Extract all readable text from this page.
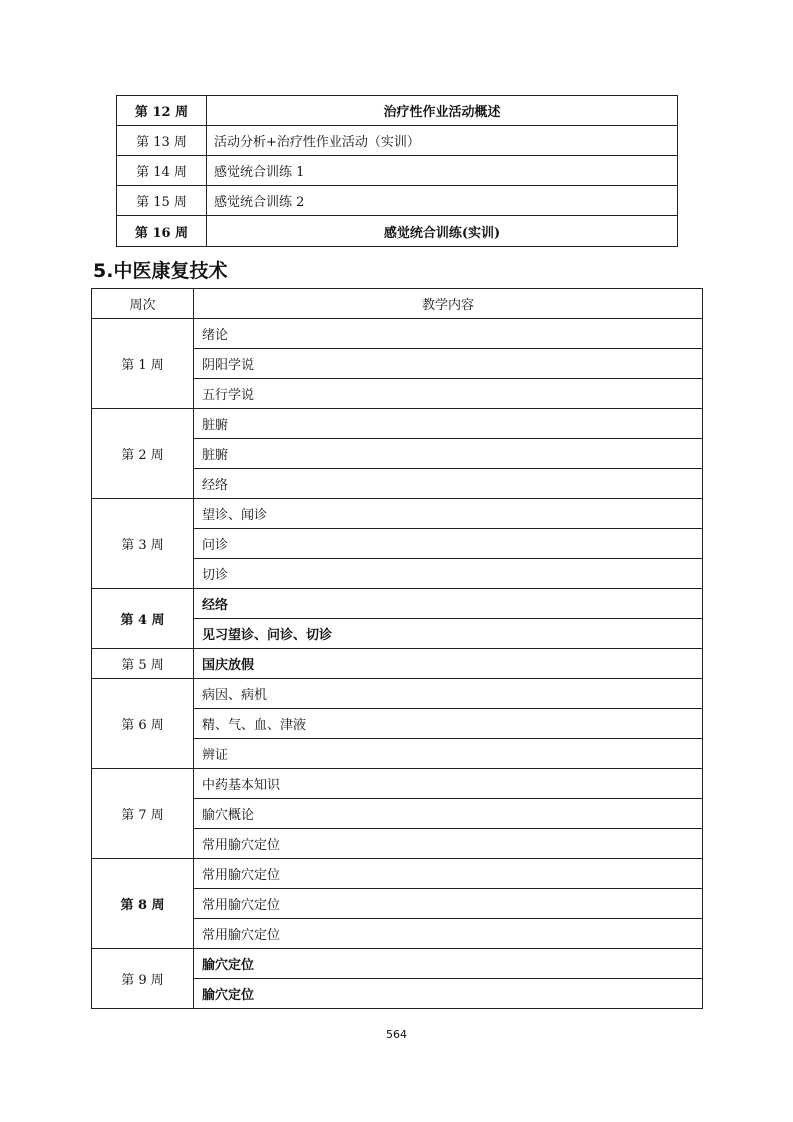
第 12 周	治疗性作业活动概述
第 13 周	活动分析+治疗性作业活动（实训）
第 14 周	感觉统合训练 1
第 15 周	感觉统合训练 2
第 16 周	感觉统合训练(实训)
5.中医康复技术
周次	教学内容
第 1 周	绪论
	阴阳学说
	五行学说
第 2 周	脏腑
	脏腑
	经络
第 3 周	望诊、闻诊
	问诊
	切诊
第 4 周	经络
	见习望诊、问诊、切诊
第 5 周	国庆放假
第 6 周	病因、病机
	精、气、血、津液
	辨证
第 7 周	中药基本知识
	腧穴概论
	常用腧穴定位
第 8 周	常用腧穴定位
	常用腧穴定位
	常用腧穴定位
第 9 周	腧穴定位
	腧穴定位
564
